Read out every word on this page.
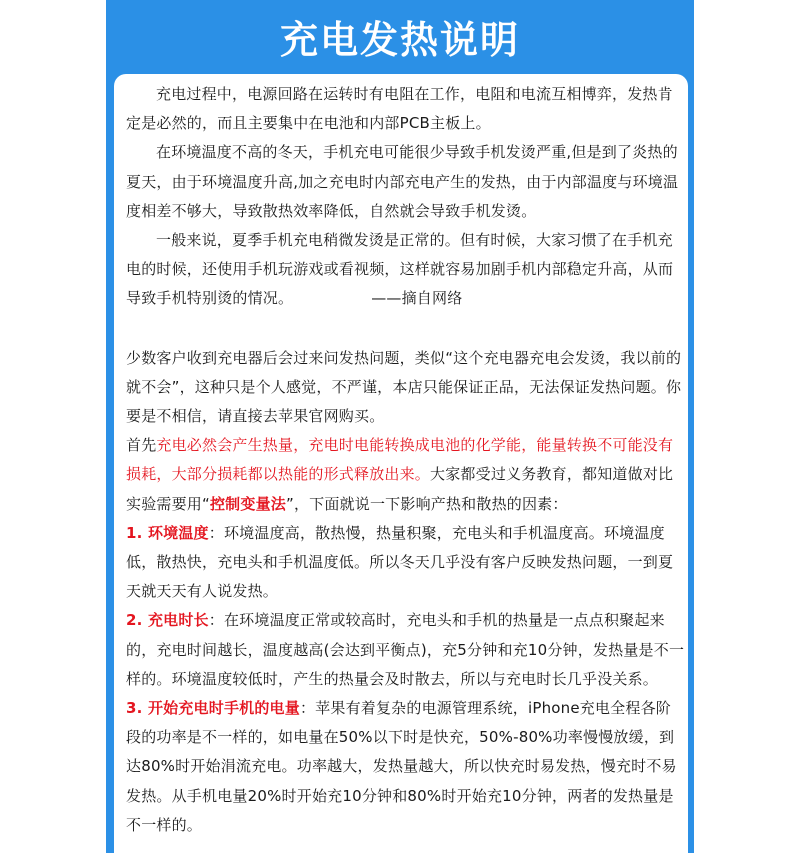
充电发热说明

充电过程中，电源回路在运转时有电阻在工作，电阻和电流互相博弈，发热肯定是必然的，而且主要集中在电池和内部PCB主板上。

在环境温度不高的冬天，手机充电可能很少导致手机发烫严重,但是到了炎热的夏天，由于环境温度升高,加之充电时内部充电产生的发热，由于内部温度与环境温度相差不够大，导致散热效率降低，自然就会导致手机发烫。

一般来说，夏季手机充电稍微发烫是正常的。但有时候，大家习惯了在手机充电的时候，还使用手机玩游戏或看视频，这样就容易加剧手机内部稳定升高，从而导致手机特别烫的情况。	——摘自网络

少数客户收到充电器后会过来问发热问题，类似“这个充电器充电会发烫，我以前的就不会”，这种只是个人感觉，不严谨，本店只能保证正品，无法保证发热问题。你要是不相信，请直接去苹果官网购买。

首先充电必然会产生热量，充电时电能转换成电池的化学能，能量转换不可能没有损耗，大部分损耗都以热能的形式释放出来。大家都受过义务教育，都知道做对比实验需要用“控制变量法”，下面就说一下影响产热和散热的因素：

1. 环境温度：环境温度高，散热慢，热量积聚，充电头和手机温度高。环境温度低，散热快，充电头和手机温度低。所以冬天几乎没有客户反映发热问题，一到夏天就天天有人说发热。

2. 充电时长：在环境温度正常或较高时，充电头和手机的热量是一点点积聚起来的，充电时间越长，温度越高(会达到平衡点)，充5分钟和充10分钟，发热量是不一样的。环境温度较低时，产生的热量会及时散去，所以与充电时长几乎没关系。

3. 开始充电时手机的电量：苹果有着复杂的电源管理系统，iPhone充电全程各阶段的功率是不一样的，如电量在50%以下时是快充，50%-80%功率慢慢放缓，到达80%时开始涓流充电。功率越大，发热量越大，所以快充时易发热，慢充时不易发热。从手机电量20%时开始充10分钟和80%时开始充10分钟，两者的发热量是不一样的。
